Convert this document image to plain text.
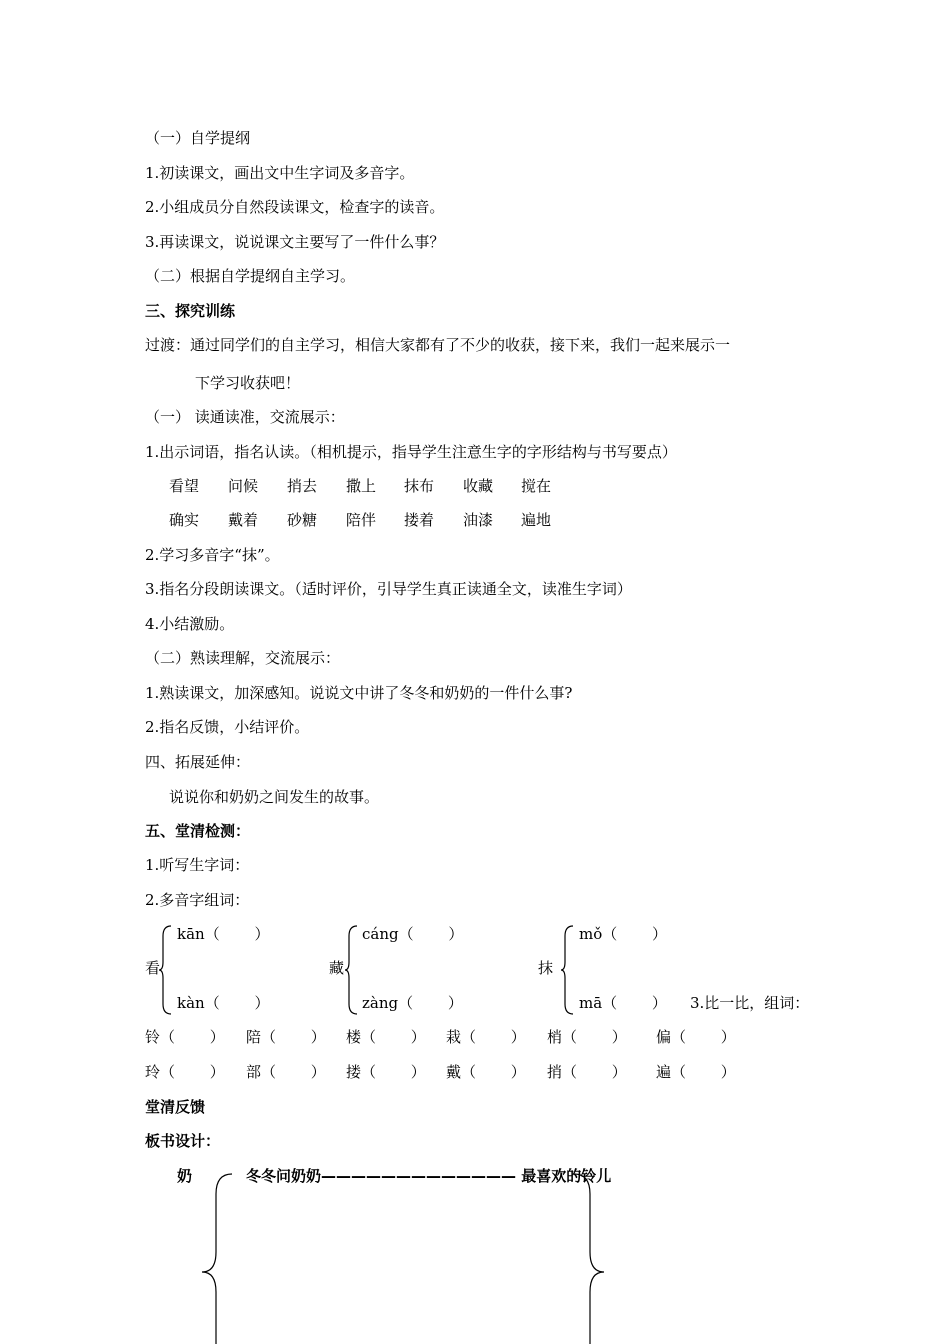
（一）自学提纲
1.初读课文，画出文中生字词及多音字。
2.小组成员分自然段读课文，检查字的读音。
3.再读课文，说说课文主要写了一件什么事？
（二）根据自学提纲自主学习。
三、探究训练
过渡：通过同学们的自主学习，相信大家都有了不少的收获，接下来，我们一起来展示一
下学习收获吧！
（一） 读通读准，交流展示：
1.出示词语，指名认读。（相机提示，指导学生注意生字的字形结构与书写要点）
看望 问候 捎去 撒上 抹布 收藏 搅在
确实 戴着 砂糖 陪伴 搂着 油漆 遍地
2.学习多音字“抹”。
3.指名分段朗读课文。（适时评价，引导学生真正读通全文，读准生字词）
4.小结激励。
（二）熟读理解，交流展示：
1.熟读课文，加深感知。说说文中讲了冬冬和奶奶的一件什么事?
2.指名反馈，小结评价。
四、拓展延伸：
说说你和奶奶之间发生的故事。
五、堂清检测：
1.听写生字词：
2.多音字组词：
看
kān（　　 ）
kàn（　　 ）
藏
cáng（　　 ）
zàng（　　 ）
抹
mǒ（　　 ）
mā（　　 ） 3.比一比，组词：
铃（　　 ） 陪（　　 ） 楼（　　 ） 栽（　　 ） 梢（　　 ） 偏（　　 ）
玲（　　 ） 部（　　 ） 搂（　　 ） 戴（　　 ） 捎（　　 ） 遍（　　 ）
堂清反馈
板书设计：
奶	冬冬问奶奶————————————— 最喜欢的铃儿
